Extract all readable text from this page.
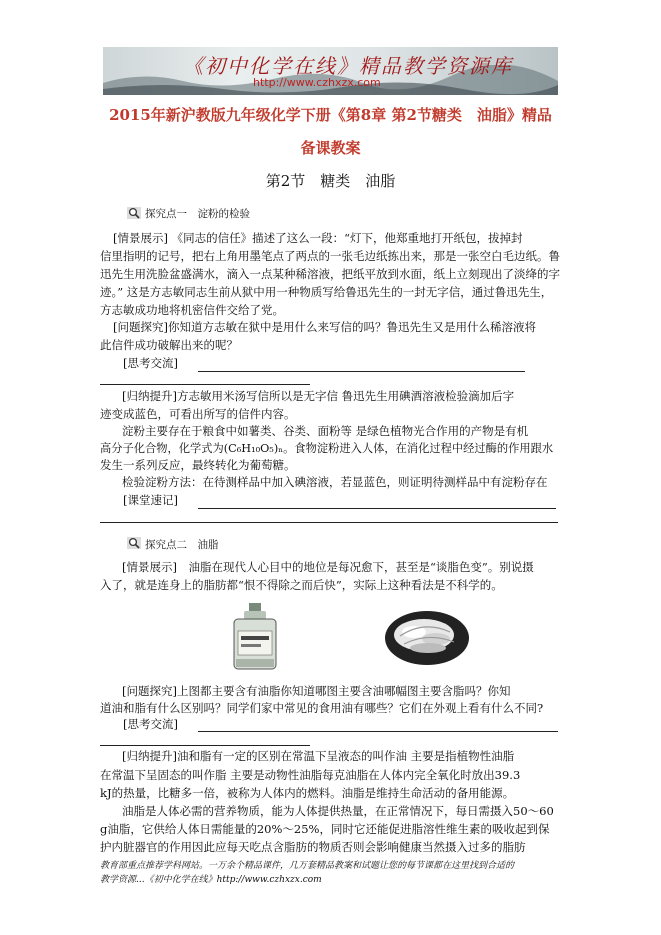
《初中化学在线》精品教学资源库
http://www.czhxzx.com
2015年新沪教版九年级化学下册《第8章 第2节糖类　油脂》精品
备课教案
第2节　糖类　油脂
探究点一　淀粉的检验
[情景展示] 《同志的信任》描述了这么一段：“灯下，他郑重地打开纸包，拔掉封
信里指明的记号，把右上角用墨笔点了两点的一张毛边纸拣出来，那是一张空白毛边纸。鲁
迅先生用洗脸盆盛满水，滴入一点某种稀溶液，把纸平放到水面，纸上立刻现出了淡绛的字
迹。” 这是方志敏同志生前从狱中用一种物质写给鲁迅先生的一封无字信，通过鲁迅先生，
方志敏成功地将机密信件交给了党。
[问题探究]你知道方志敏在狱中是用什么来写信的吗？鲁迅先生又是用什么稀溶液将
此信件成功破解出来的呢？
[思考交流]
[归纳提升]方志敏用米汤写信所以是无字信 鲁迅先生用碘酒溶液检验滴加后字
迹变成蓝色，可看出所写的信件内容。
淀粉主要存在于粮食中如薯类、谷类、面粉等 是绿色植物光合作用的产物是有机
高分子化合物，化学式为(C₆H₁₀O₅)ₙ。食物淀粉进入人体，在消化过程中经过酶的作用跟水
发生一系列反应，最终转化为葡萄糖。
检验淀粉方法：在待测样品中加入碘溶液，若显蓝色，则证明待测样品中有淀粉存在
[课堂速记]
探究点二　油脂
[情景展示]　油脂在现代人心目中的地位是每况愈下，甚至是“谈脂色变”。别说摄
入了，就是连身上的脂肪都“恨不得除之而后快”，实际上这种看法是不科学的。
[问题探究]上图都主要含有油脂你知道哪图主要含油哪幅图主要含脂吗？你知
道油和脂有什么区别吗？同学们家中常见的食用油有哪些？它们在外观上看有什么不同?
[思考交流]
[归纳提升]油和脂有一定的区别在常温下呈液态的叫作油 主要是指植物性油脂
在常温下呈固态的叫作脂 主要是动物性油脂每克油脂在人体内完全氧化时放出39.3
kJ的热量，比糖多一倍，被称为人体内的燃料。油脂是维持生命活动的备用能源。
油脂是人体必需的营养物质，能为人体提供热量，在正常情况下，每日需摄入50～60
g油脂，它供给人体日需能量的20%～25%，同时它还能促进脂溶性维生素的吸收起到保
护内脏器官的作用因此应每天吃点含脂肪的物质否则会影响健康当然摄入过多的脂肪
教育部重点推荐学科网站。一万余个精品课件，几万套精品教案和试题让您的每节课都在这里找到合适的
教学资源...《初中化学在线》http://www.czhxzx.com
